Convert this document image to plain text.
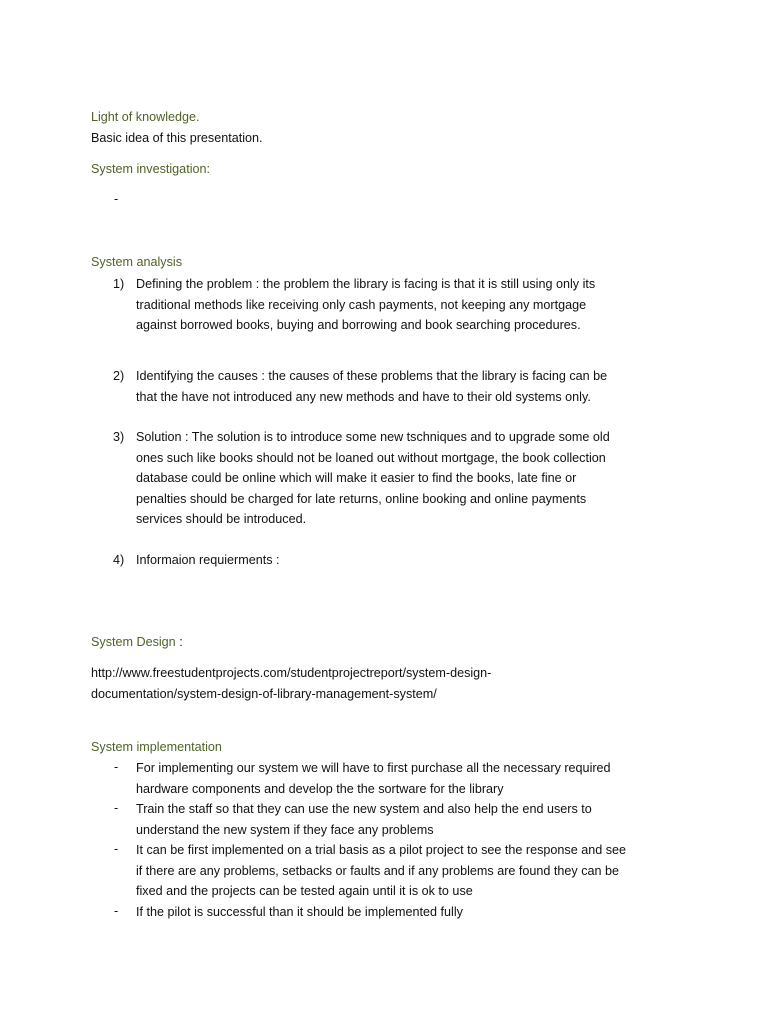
Light of knowledge.
Basic idea of this presentation.
System investigation:
-
System analysis
1) Defining the problem : the problem the library is facing is that it is still using only its
traditional methods like receiving only cash payments, not keeping any mortgage
against borrowed books, buying and borrowing and book searching procedures.
2) Identifying the causes : the causes of these problems that the library is facing can be
that the have not introduced any new methods and have to their old systems only.
3) Solution : The solution is to introduce some new tschniques and to upgrade some old
ones such like books should not be loaned out without mortgage, the book collection
database could be online which will make it easier to find the books, late fine or
penalties should be charged for late returns, online booking and online payments
services should be introduced.
4) Informaion requierments :
System Design :
http://www.freestudentprojects.com/studentprojectreport/system-design-
documentation/system-design-of-library-management-system/
System implementation
- For implementing our system we will have to first purchase all the necessary required
hardware components and develop the the sortware for the library
- Train the staff so that they can use the new system and also help the end users to
understand the new system if they face any problems
- It can be first implemented on a trial basis as a pilot project to see the response and see
if there are any problems, setbacks or faults and if any problems are found they can be
fixed and the projects can be tested again until it is ok to use
- If the pilot is successful than it should be implemented fully
